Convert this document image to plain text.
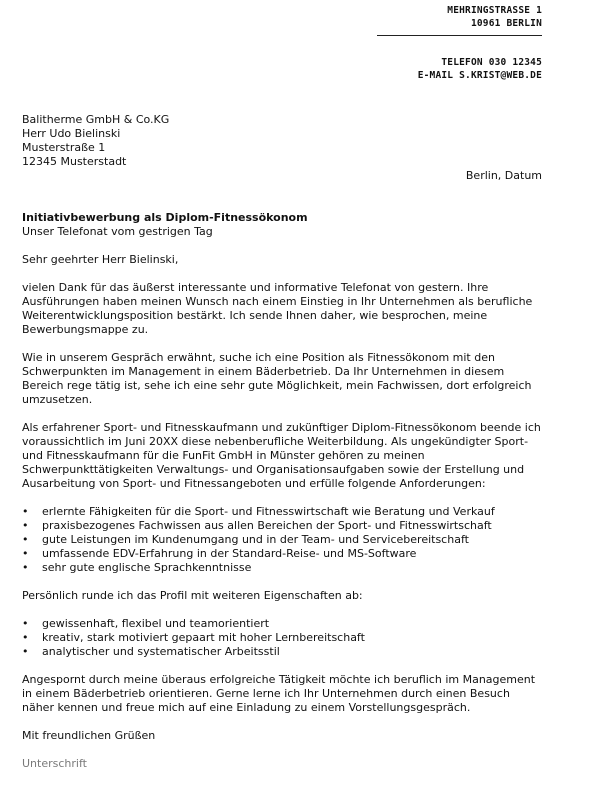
MEHRINGSTRASSE 1
10961 BERLIN
TELEFON 030 12345
E-MAIL S.KRIST@WEB.DE
Balitherme GmbH & Co.KG
Herr Udo Bielinski
Musterstraße 1
12345 Musterstadt
Berlin, Datum

Initiativbewerbung als Diplom-Fitnessökonom

Unser Telefonat vom gestrigen Tag

Sehr geehrter Herr Bielinski,

vielen Dank für das äußerst interessante und informative Telefonat von gestern. Ihre Ausführungen haben meinen Wunsch nach einem Einstieg in Ihr Unternehmen als berufliche Weiterentwicklungsposition bestärkt. Ich sende Ihnen daher, wie besprochen, meine Bewerbungsmappe zu.

Wie in unserem Gespräch erwähnt, suche ich eine Position als Fitnessökonom mit den Schwerpunkten im Management in einem Bäderbetrieb. Da Ihr Unternehmen in diesem Bereich rege tätig ist, sehe ich eine sehr gute Möglichkeit, mein Fachwissen, dort erfolgreich umzusetzen.

Als erfahrener Sport- und Fitnesskaufmann und zukünftiger Diplom-Fitnessökonom beende ich voraussichtlich im Juni 20XX diese nebenberufliche Weiterbildung. Als ungekündigter Sport- und Fitnesskaufmann für die FunFit GmbH in Münster gehören zu meinen Schwerpunkttätigkeiten Verwaltungs- und Organisationsaufgaben sowie der Erstellung und Ausarbeitung von Sport- und Fitnessangeboten und erfülle folgende Anforderungen:

• erlernte Fähigkeiten für die Sport- und Fitnesswirtschaft wie Beratung und Verkauf
• praxisbezogenes Fachwissen aus allen Bereichen der Sport- und Fitnesswirtschaft
• gute Leistungen im Kundenumgang und in der Team- und Servicebereitschaft
• umfassende EDV-Erfahrung in der Standard-Reise- und MS-Software
• sehr gute englische Sprachkenntnisse

Persönlich runde ich das Profil mit weiteren Eigenschaften ab:

• gewissenhaft, flexibel und teamorientiert
• kreativ, stark motiviert gepaart mit hoher Lernbereitschaft
• analytischer und systematischer Arbeitsstil

Angespornt durch meine überaus erfolgreiche Tätigkeit möchte ich beruflich im Management in einem Bäderbetrieb orientieren. Gerne lerne ich Ihr Unternehmen durch einen Besuch näher kennen und freue mich auf eine Einladung zu einem Vorstellungsgespräch.

Mit freundlichen Grüßen

Unterschrift
